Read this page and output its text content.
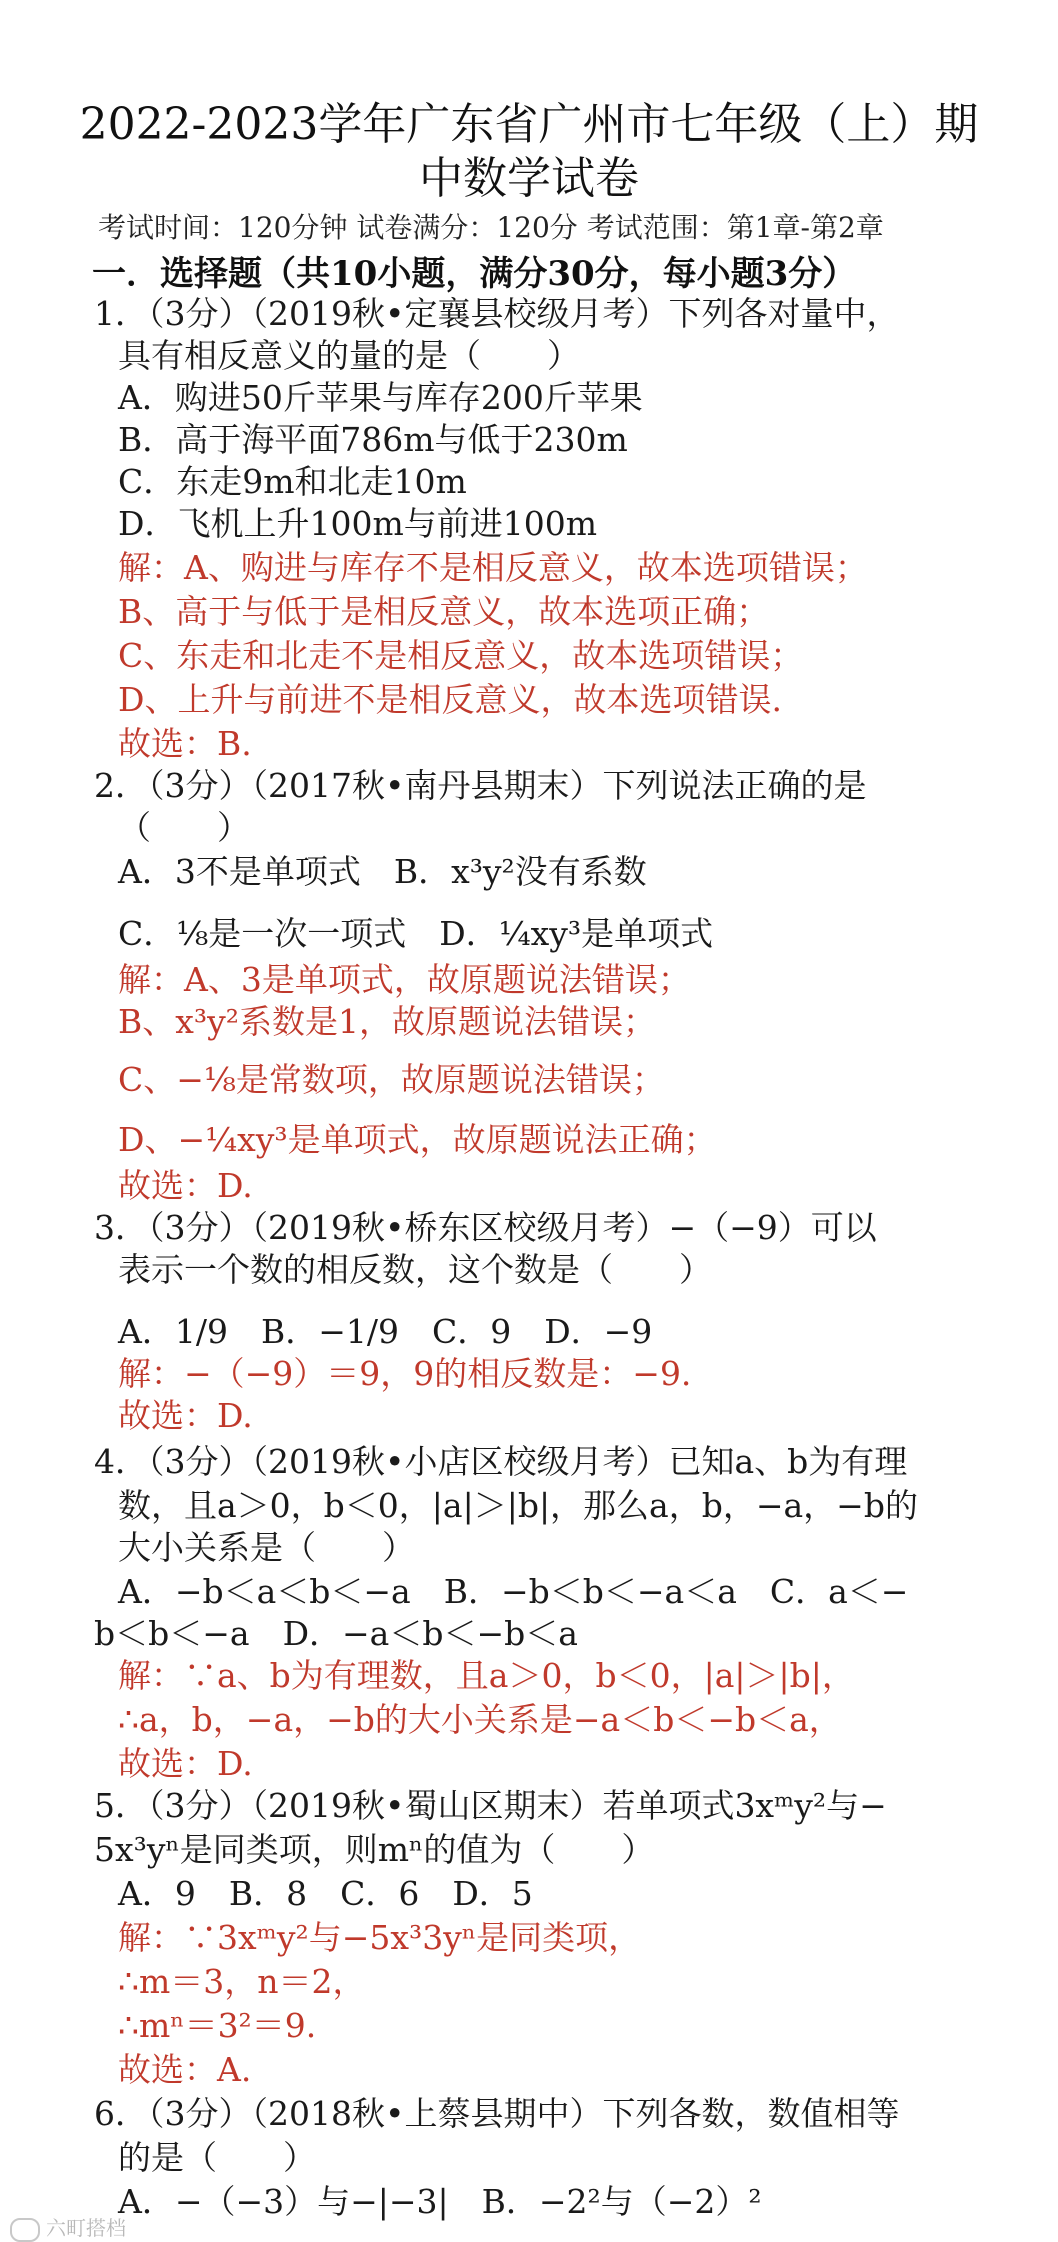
2022-2023学年广东省广州市七年级（上）期
中数学试卷
考试时间：120分钟 试卷满分：120分 考试范围：第1章-第2章
一．选择题（共10小题，满分30分，每小题3分）
1．（3分）（2019秋•定襄县校级月考）下列各对量中，
具有相反意义的量的是（　　）
A．购进50斤苹果与库存200斤苹果
B．高于海平面786m与低于230m
C．东走9m和北走10m
D．飞机上升100m与前进100m
解：A、购进与库存不是相反意义，故本选项错误；
B、高于与低于是相反意义，故本选项正确；
C、东走和北走不是相反意义，故本选项错误；
D、上升与前进不是相反意义，故本选项错误.
故选：B.
2．（3分）（2017秋•南丹县期末）下列说法正确的是
（　　）
A．3不是单项式　B．x³y²没有系数
C．⅛是一次一项式　D．¼xy³是单项式
解：A、3是单项式，故原题说法错误；
B、x³y²系数是1，故原题说法错误；
C、−⅛是常数项，故原题说法错误；
D、−¼xy³是单项式，故原题说法正确；
故选：D.
3．（3分）（2019秋•桥东区校级月考）−（−9）可以
表示一个数的相反数，这个数是（　　）
A．1/9　B．−1/9　C．9　D．−9
解：−（−9）＝9，9的相反数是：−9.
故选：D.
4．（3分）（2019秋•小店区校级月考）已知a、b为有理
数，且a＞0，b＜0，|a|＞|b|，那么a，b，−a，−b的
大小关系是（　　）
A．−b＜a＜b＜−a　B．−b＜b＜−a＜a　C．a＜−
b＜b＜−a　D．−a＜b＜−b＜a
解：∵a、b为有理数，且a＞0，b＜0，|a|＞|b|，
∴a，b，−a，−b的大小关系是−a＜b＜−b＜a，
故选：D.
5．（3分）（2019秋•蜀山区期末）若单项式3xᵐy²与−
5x³yⁿ是同类项，则mⁿ的值为（　　）
A．9　B．8　C．6　D．5
解：∵3xᵐy²与−5x³3yⁿ是同类项，
∴m＝3，n＝2，
∴mⁿ＝3²＝9.
故选：A.
6．（3分）（2018秋•上蔡县期中）下列各数，数值相等
的是（　　）
A．−（−3）与−|−3|　B．−2²与（−2）²
六町搭档
